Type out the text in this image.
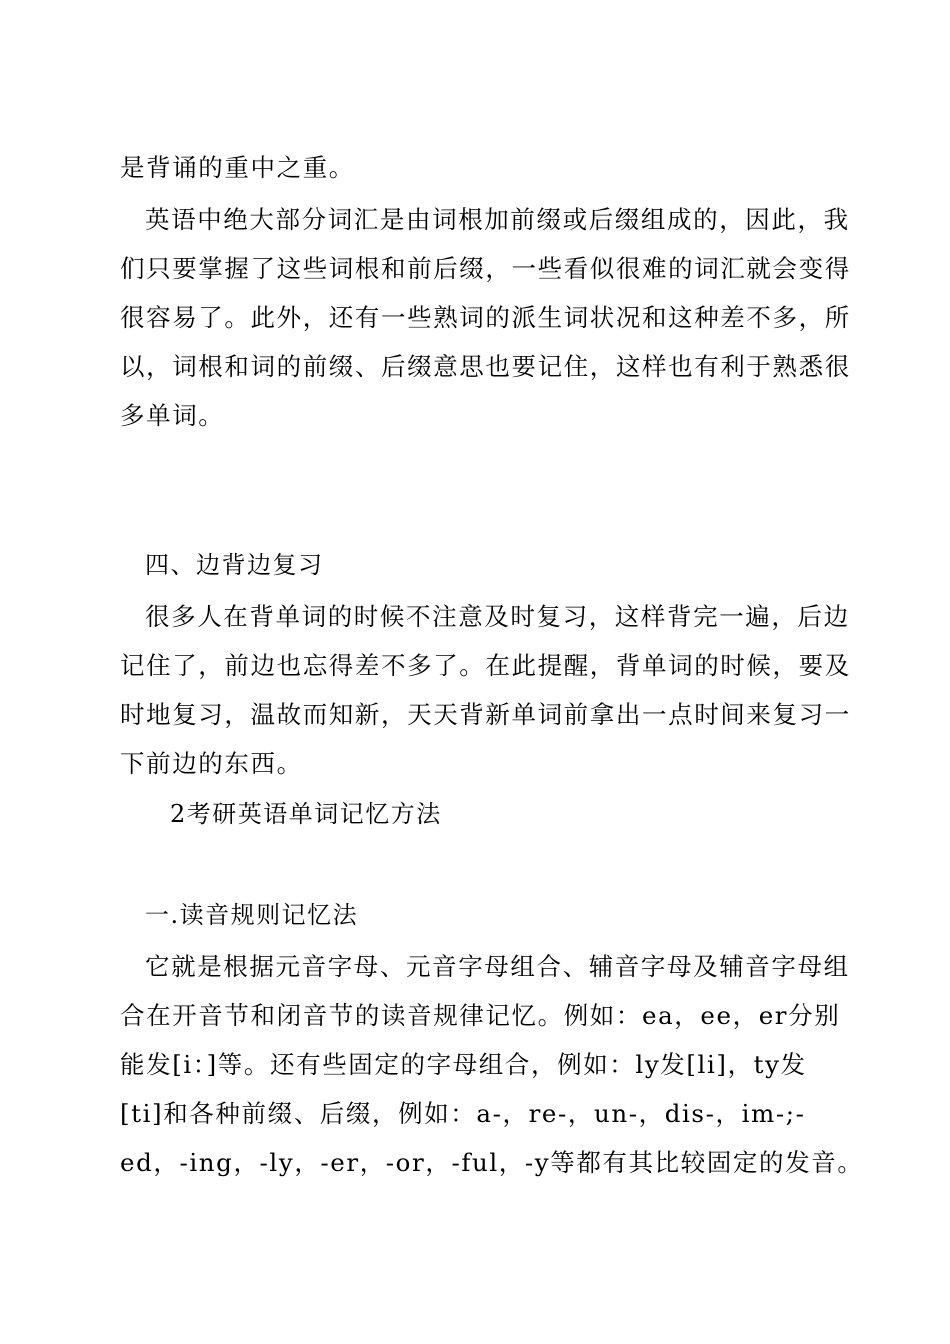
是背诵的重中之重。
英语中绝大部分词汇是由词根加前缀或后缀组成的，因此，我
们只要掌握了这些词根和前后缀，一些看似很难的词汇就会变得
很容易了。此外，还有一些熟词的派生词状况和这种差不多，所
以，词根和词的前缀、后缀意思也要记住，这样也有利于熟悉很
多单词。
四、边背边复习
很多人在背单词的时候不注意及时复习，这样背完一遍，后边
记住了，前边也忘得差不多了。在此提醒，背单词的时候，要及
时地复习，温故而知新，天天背新单词前拿出一点时间来复习一
下前边的东西。
2考研英语单词记忆方法
一.读音规则记忆法
它就是根据元音字母、元音字母组合、辅音字母及辅音字母组
合在开音节和闭音节的读音规律记忆。例如：ea，ee，er分别
能发[i：]等。还有些固定的字母组合，例如：ly发[li]，ty发
[ti]和各种前缀、后缀，例如：a-，re-，un-，dis-，im-;-
ed，-ing，-ly，-er，-or，-ful，-y等都有其比较固定的发音。
